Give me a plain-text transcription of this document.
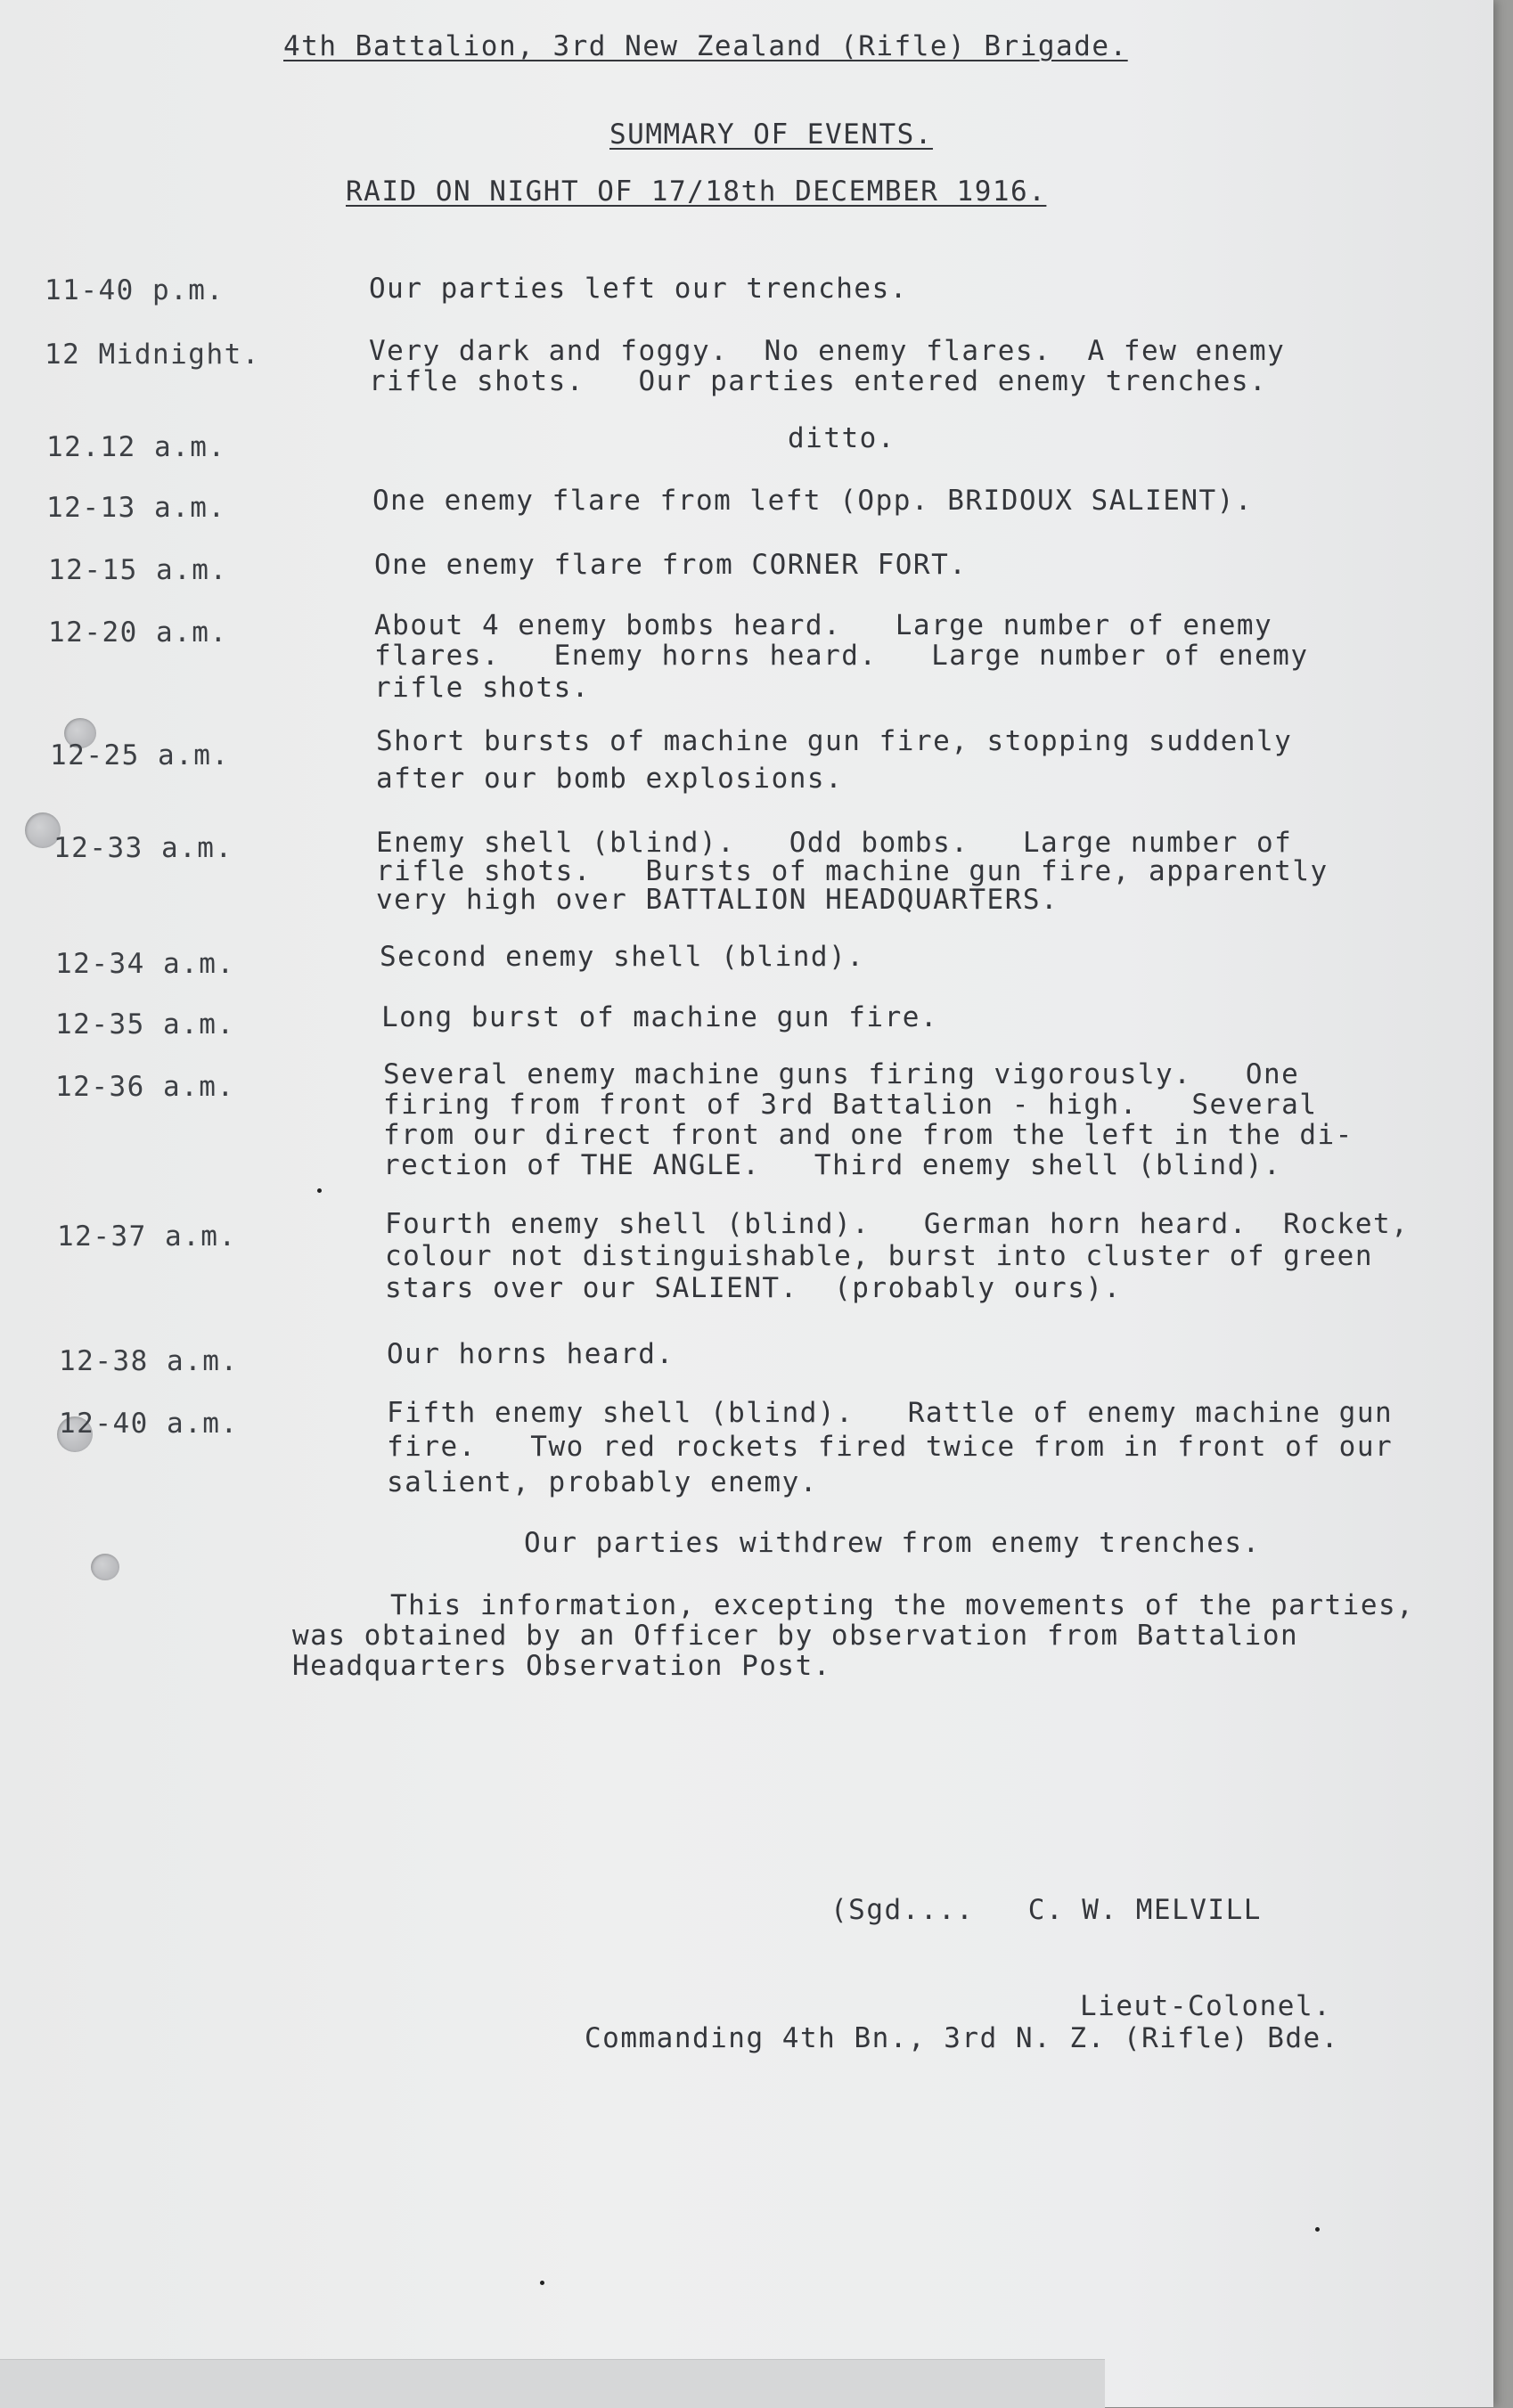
4th Battalion, 3rd New Zealand (Rifle) Brigade.
SUMMARY OF EVENTS.
RAID ON NIGHT OF 17/18th DECEMBER 1916.
11-40 p.m.	Our parties left our trenches.
12 Midnight.	Very dark and foggy.  No enemy flares.  A few enemy
rifle shots.   Our parties entered enemy trenches.
12.12 a.m.	ditto.
12-13 a.m.	One enemy flare from left (Opp. BRIDOUX SALIENT).
12-15 a.m.	One enemy flare from CORNER FORT.
12-20 a.m.	About 4 enemy bombs heard.   Large number of enemy
flares.   Enemy horns heard.   Large number of enemy
rifle shots.
12-25 a.m.	Short bursts of machine gun fire, stopping suddenly
after our bomb explosions.
12-33 a.m.	Enemy shell (blind).   Odd bombs.   Large number of
rifle shots.   Bursts of machine gun fire, apparently
very high over BATTALION HEADQUARTERS.
12-34 a.m.	Second enemy shell (blind).
12-35 a.m.	Long burst of machine gun fire.
12-36 a.m.	Several enemy machine guns firing vigorously.   One
firing from front of 3rd Battalion - high.   Several
from our direct front and one from the left in the di-
rection of THE ANGLE.   Third enemy shell (blind).
12-37 a.m.	Fourth enemy shell (blind).   German horn heard.  Rocket,
colour not distinguishable, burst into cluster of green
stars over our SALIENT.  (probably ours).
12-38 a.m.	Our horns heard.
12-40 a.m.	Fifth enemy shell (blind).   Rattle of enemy machine gun
fire.   Two red rockets fired twice from in front of our
salient, probably enemy.
Our parties withdrew from enemy trenches.
This information, excepting the movements of the parties,
was obtained by an Officer by observation from Battalion
Headquarters Observation Post.
(Sgd....   C. W. MELVILL
Lieut-Colonel.
Commanding 4th Bn., 3rd N. Z. (Rifle) Bde.
